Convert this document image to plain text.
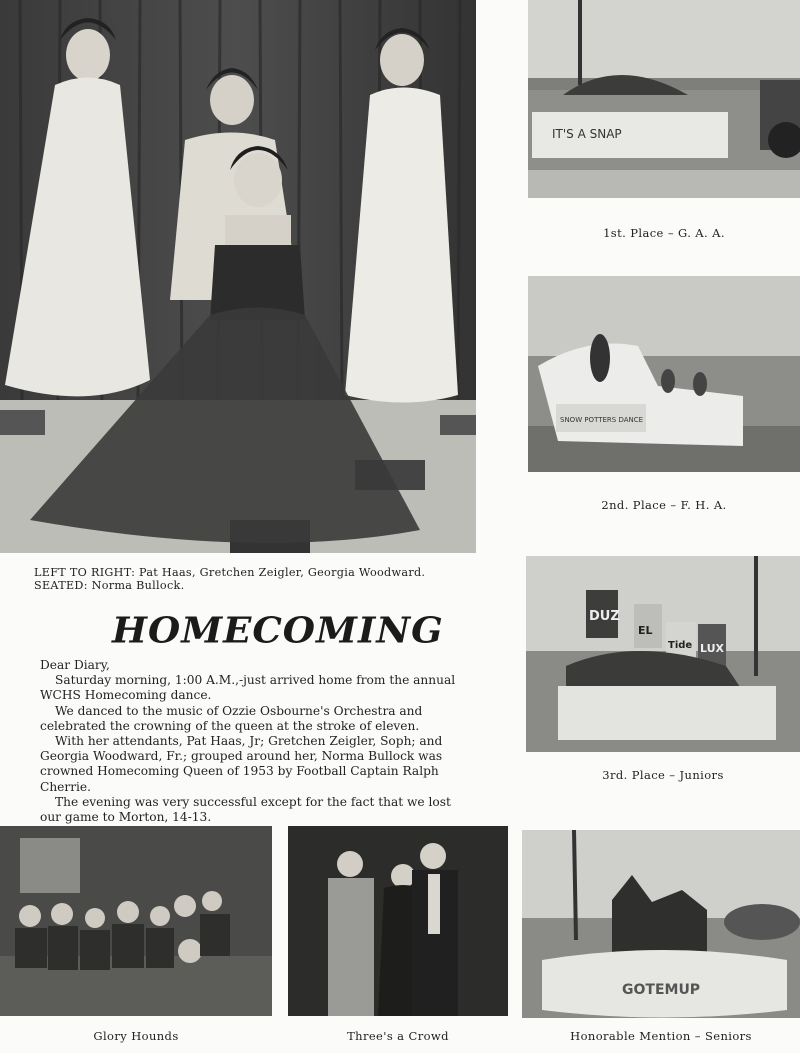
LEFT TO RIGHT: Pat Haas, Gretchen Zeigler, Georgia Woodward.
SEATED: Norma Bullock.
IT'S A SNAP
1st. Place – G. A. A.
SNOW POTTERS DANCE
2nd. Place – F. H. A.
DUZ
EL
Tide LUX
3rd. Place – Juniors
HOMECOMING

Dear Diary,

Saturday morning, 1:00 A.M.,-just arrived home from the annual WCHS Homecoming dance.

We danced to the music of Ozzie Osbourne's Orchestra and celebrated the crowning of the queen at the stroke of eleven.

With her attendants, Pat Haas, Jr; Gretchen Zeigler, Soph; and Georgia Woodward, Fr.; grouped around her, Norma Bullock was crowned Homecoming Queen of 1953 by Football Captain Ralph Cherrie.

The evening was very successful except for the fact that we lost our game to Morton, 14-13.

Glory Hounds	Three's a Crowd
GOTEMUP
Honorable Mention – Seniors
